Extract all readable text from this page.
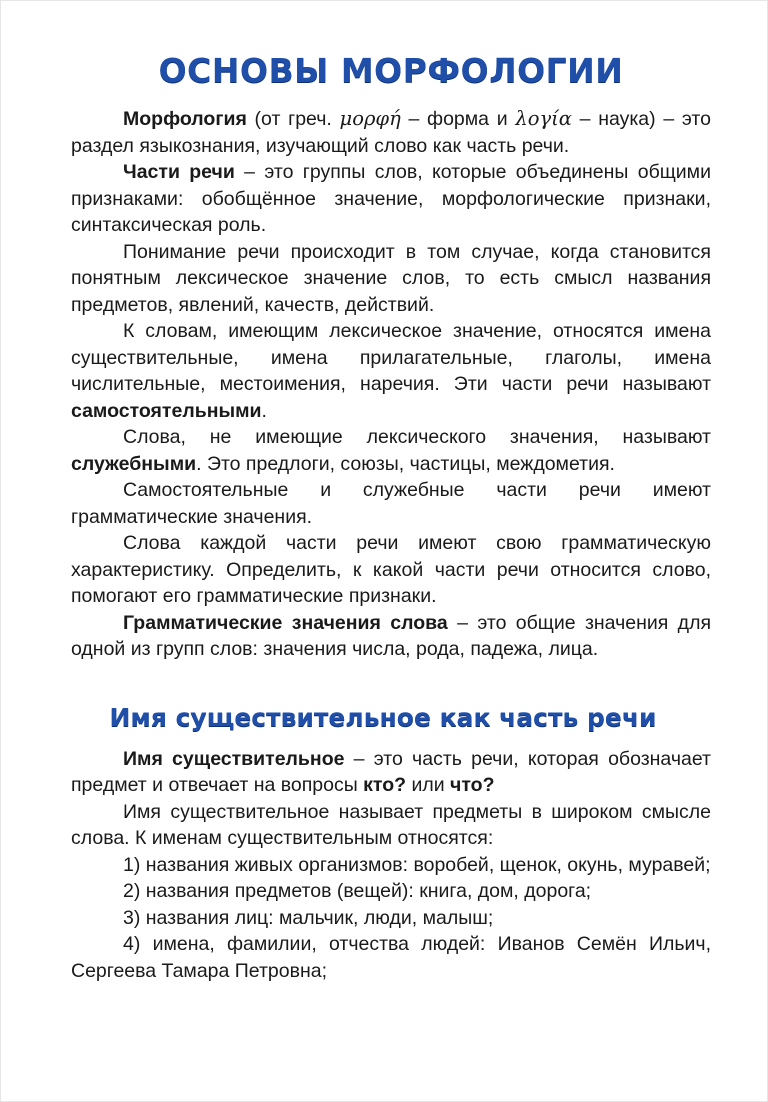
ОСНОВЫ МОРФОЛОГИИ

Морфология (от греч. μορφή – форма и λογία – наука) – это раздел языкознания, изучающий слово как часть речи.

Части речи – это группы слов, которые объединены общими признаками: обобщённое значение, морфологические признаки, синтаксическая роль.

Понимание речи происходит в том случае, когда становится понятным лексическое значение слов, то есть смысл названия предметов, явлений, качеств, действий.

К словам, имеющим лексическое значение, относятся имена существительные, имена прилагательные, глаголы, имена числительные, местоимения, наречия. Эти части речи называют самостоятельными.

Слова, не имеющие лексического значения, называют служебными. Это предлоги, союзы, частицы, междометия.

Самостоятельные и служебные части речи имеют грамматические значения.

Слова каждой части речи имеют свою грамматическую характеристику. Определить, к какой части речи относится слово, помогают его грамматические признаки.

Грамматические значения слова – это общие значения для одной из групп слов: значения числа, рода, падежа, лица.

Имя существительное как часть речи

Имя существительное – это часть речи, которая обозначает предмет и отвечает на вопросы кто? или что?

Имя существительное называет предметы в широком смысле слова. К именам существительным относятся:

1) названия живых организмов: воробей, щенок, окунь, муравей;

2) названия предметов (вещей): книга, дом, дорога;

3) названия лиц: мальчик, люди, малыш;

4) имена, фамилии, отчества людей: Иванов Семён Ильич, Сергеева Тамара Петровна;
